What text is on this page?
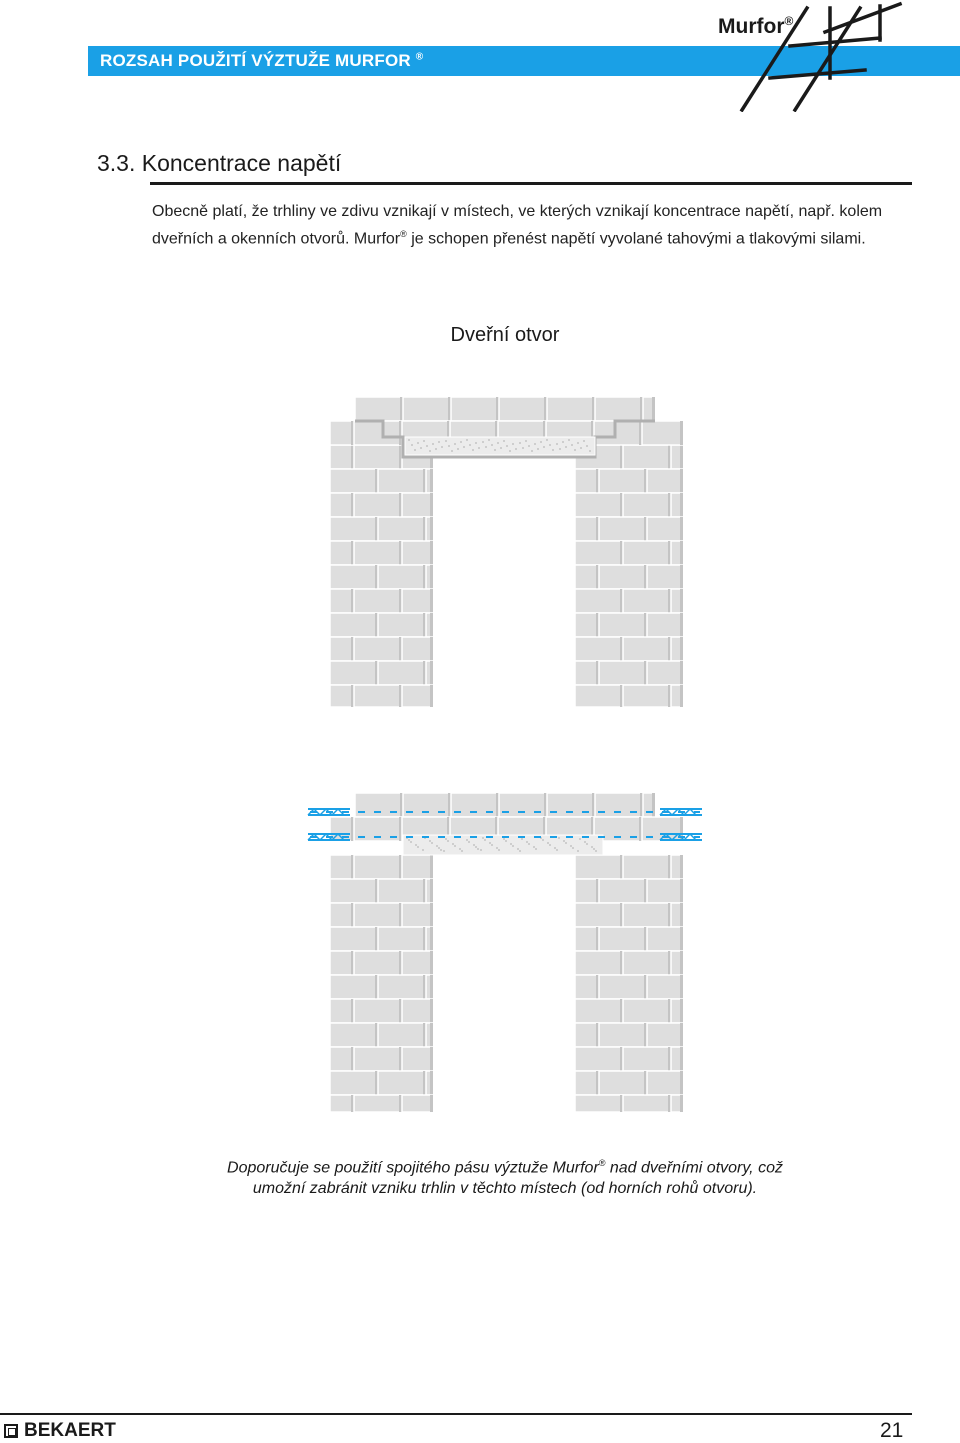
ROZSAH POUŽITÍ VÝZTUŽE MURFOR ®
Murfor®
3.3. Koncentrace napětí
Obecně platí, že trhliny ve zdivu vznikají v místech, ve kterých vznikají koncentrace napětí, např. kolem dveřních a okenních otvorů. Murfor® je schopen přenést napětí vyvolané tahovými a tlakovými silami.
Dveřní otvor
Doporučuje se použití spojitého pásu výztuže Murfor® nad dveřními otvory, což umožní zabránit vzniku trhlin v těchto místech (od horních rohů otvoru).
BEKAERT	21
